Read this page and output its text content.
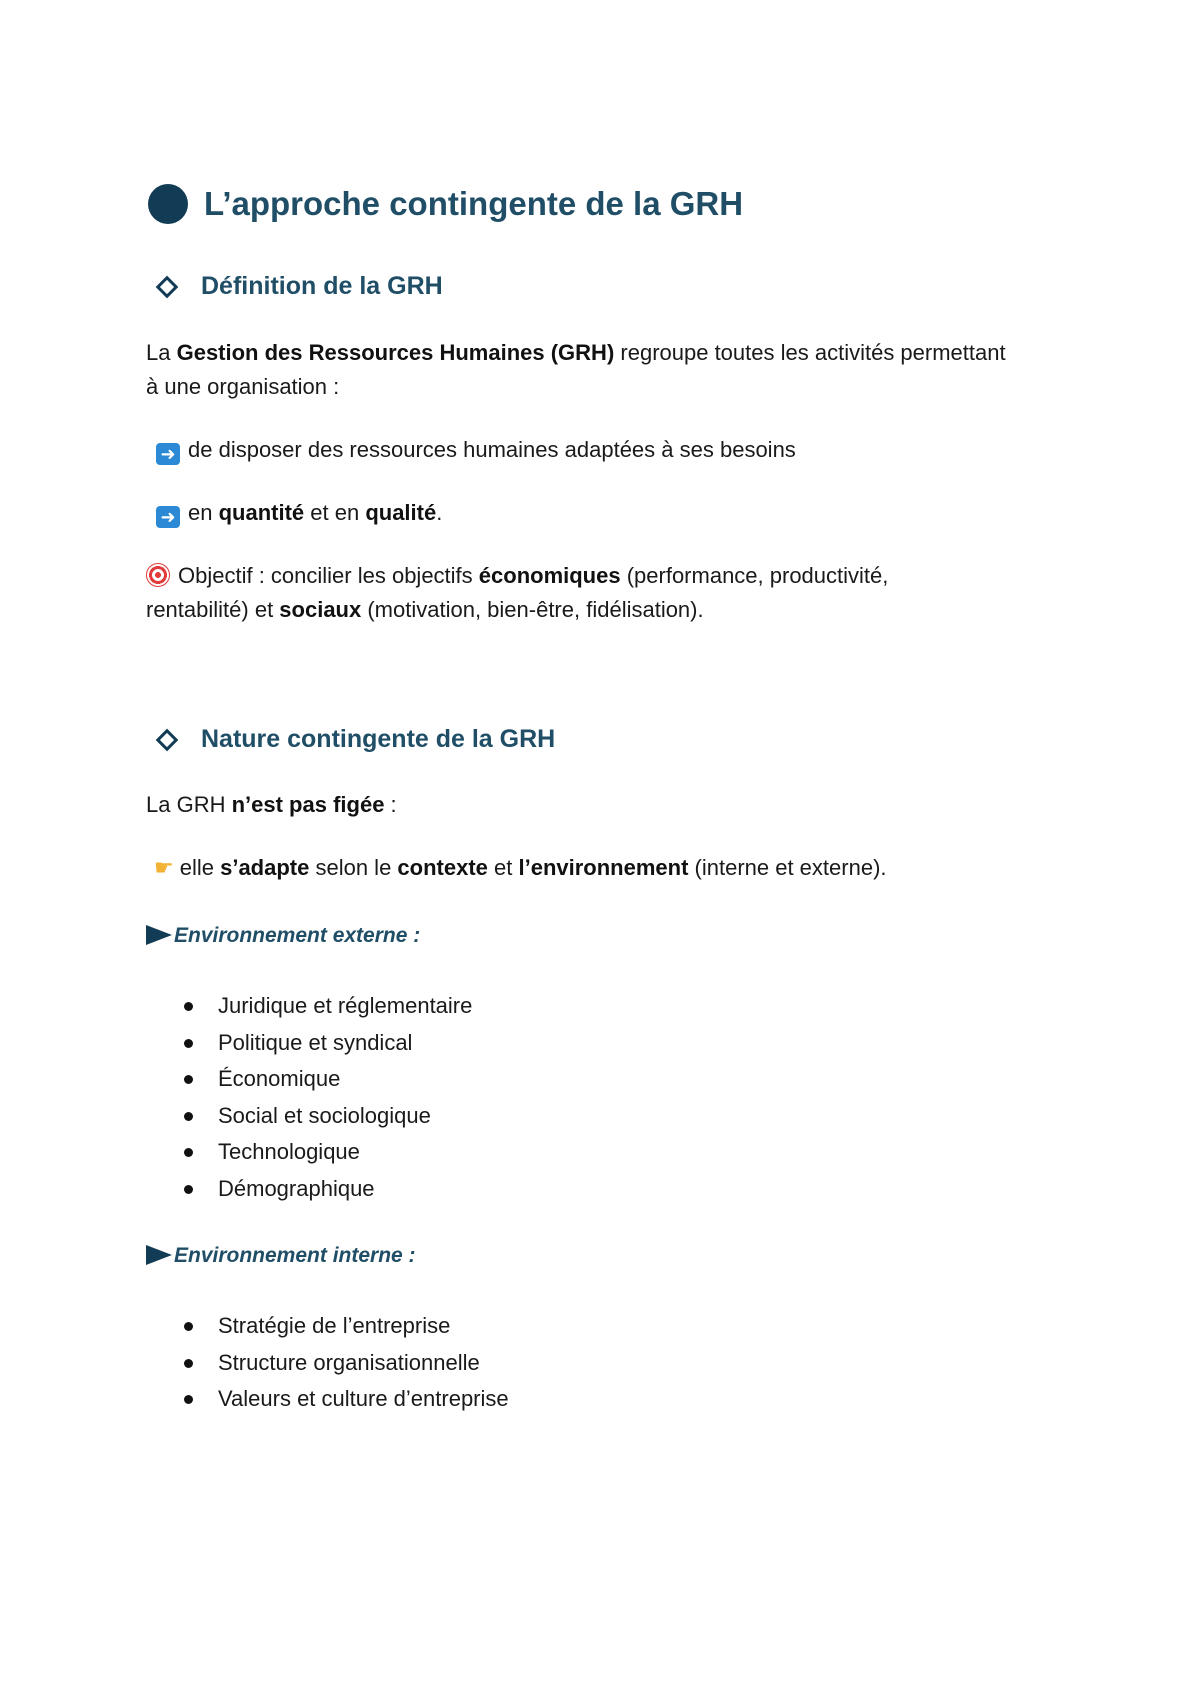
L’approche contingente de la GRH
Définition de la GRH
La Gestion des Ressources Humaines (GRH) regroupe toutes les activités permettant
à une organisation :
➜ de disposer des ressources humaines adaptées à ses besoins
➜ en quantité et en qualité.
Objectif : concilier les objectifs économiques (performance, productivité,
rentabilité) et sociaux (motivation, bien-être, fidélisation).
Nature contingente de la GRH
La GRH n’est pas figée :
☛ elle s’adapte selon le contexte et l’environnement (interne et externe).
Environnement externe :
Juridique et réglementaire
Politique et syndical
Économique
Social et sociologique
Technologique
Démographique
Environnement interne :
Stratégie de l’entreprise
Structure organisationnelle
Valeurs et culture d’entreprise
